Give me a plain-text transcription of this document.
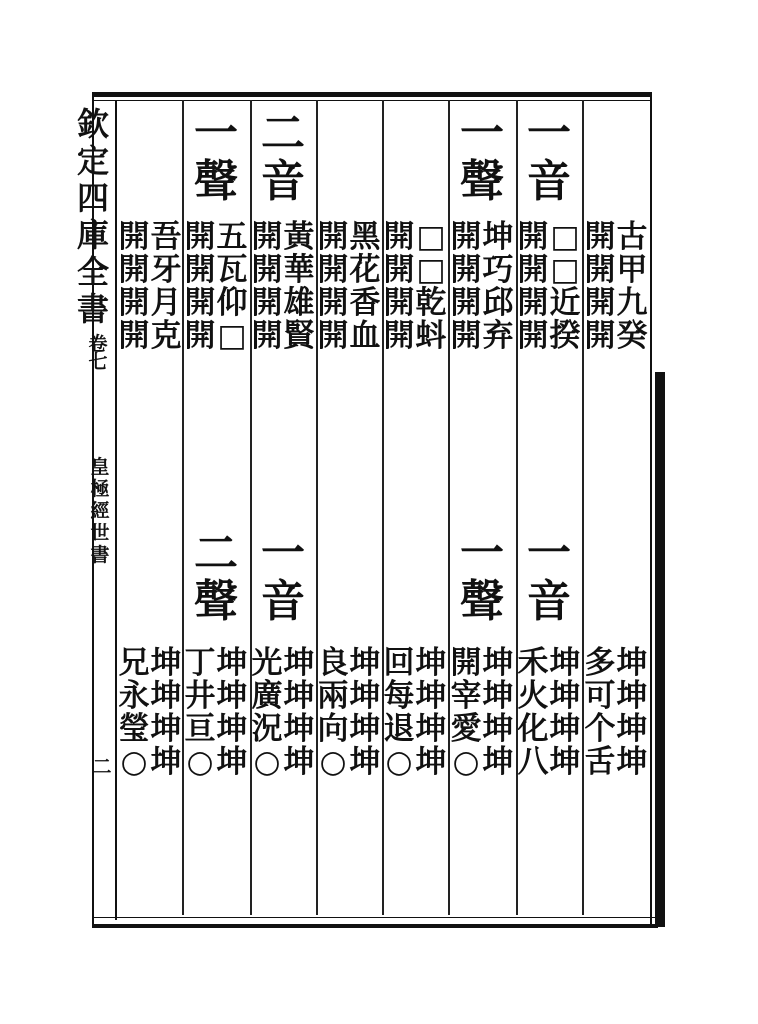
欽
定
四
庫
全
書
卷
七
皇
極
經
世
書
二
古
甲
九
癸
開
開
開
開
坤
坤
坤
坤
多
可
个
舌
一
音
□
□
近
揆
開
開
開
開
一
音
坤
坤
坤
坤
禾
火
化
八
一
聲
坤
巧
邱
弃
開
開
開
開
一
聲
坤
坤
坤
坤
開
宰
愛
○
□
□
乾
蚪
開
開
開
開
坤
坤
坤
坤
回
每
退
○
黑
花
香
血
開
開
開
開
坤
坤
坤
坤
良
兩
向
○
二
音
黃
華
雄
賢
開
開
開
開
一
音
坤
坤
坤
坤
光
廣
況
○
一
聲
五
瓦
仰
□
開
開
開
開
二
聲
坤
坤
坤
坤
丁
井
亘
○
吾
牙
月
克
開
開
開
開
坤
坤
坤
坤
兄
永
瑩
○
